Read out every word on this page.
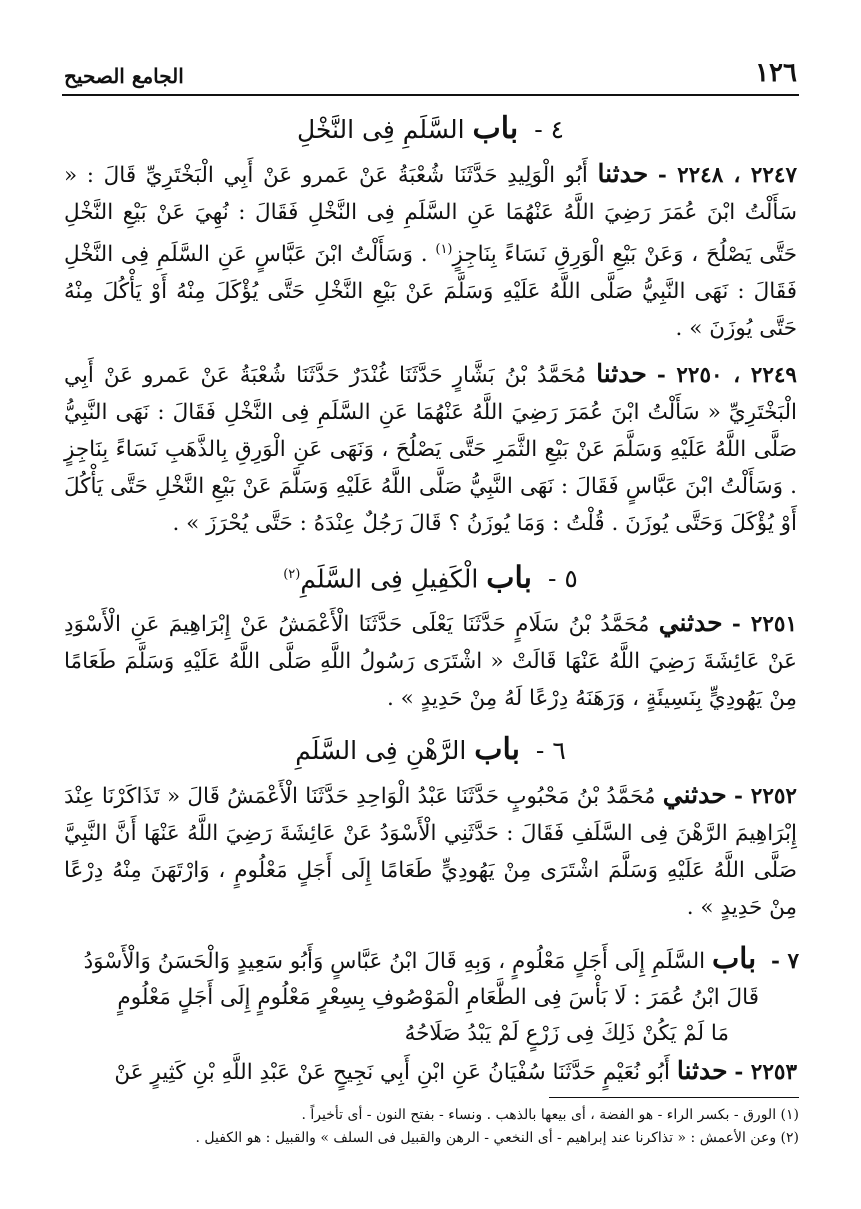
١٢٦
الجامع الصحيح
٤ - باب السَّلَمِ فِى النَّخْلِ

٢٢٤٧ ، ٢٢٤٨ - حدثنا أَبُو الْوَلِيدِ حَدَّثَنَا شُعْبَةُ عَنْ عَمرو عَنْ أَبِي الْبَخْتَرِيِّ قَالَ : « سَأَلْتُ ابْنَ عُمَرَ رَضِيَ اللَّهُ عَنْهُمَا عَنِ السَّلَمِ فِى النَّخْلِ فَقَالَ : نُهِيَ عَنْ بَيْعِ النَّخْلِ حَتَّى يَصْلُحَ ، وَعَنْ بَيْعِ الْوَرِقِ نَسَاءً بِنَاجِزٍ$^{(١)}$ . وَسَأَلْتُ ابْنَ عَبَّاسٍ عَنِ السَّلَمِ فِى النَّخْلِ فَقَالَ : نَهَى النَّبِيُّ صَلَّى اللَّهُ عَلَيْهِ وَسَلَّمَ عَنْ بَيْعِ النَّخْلِ حَتَّى يُؤْكَلَ مِنْهُ أَوْ يَأْكُلَ مِنْهُ حَتَّى يُوزَنَ » .

٢٢٤٩ ، ٢٢٥٠ - حدثنا مُحَمَّدُ بْنُ بَشَّارٍ حَدَّثَنَا غُنْدَرٌ حَدَّثَنَا شُعْبَةُ عَنْ عَمرو عَنْ أَبِي الْبَخْتَرِيِّ « سَأَلْتُ ابْنَ عُمَرَ رَضِيَ اللَّهُ عَنْهُمَا عَنِ السَّلَمِ فِى النَّخْلِ فَقَالَ : نَهَى النَّبِيُّ صَلَّى اللَّهُ عَلَيْهِ وَسَلَّمَ عَنْ بَيْعِ الثَّمَرِ حَتَّى يَصْلُحَ ، وَنَهَى عَنِ الْوَرِقِ بِالذَّهَبِ نَسَاءً بِنَاجِزٍ . وَسَأَلْتُ ابْنَ عَبَّاسٍ فَقَالَ : نَهَى النَّبِيُّ صَلَّى اللَّهُ عَلَيْهِ وَسَلَّمَ عَنْ بَيْعِ النَّخْلِ حَتَّى يَأْكُلَ أَوْ يُؤْكَلَ وَحَتَّى يُوزَنَ . قُلْتُ : وَمَا يُوزَنُ ؟ قَالَ رَجُلٌ عِنْدَهُ : حَتَّى يُحْرَزَ » .

٥ - باب الْكَفِيلِ فِى السَّلَمِ$^{(٢)}$

٢٢٥١ - حدثني مُحَمَّدُ بْنُ سَلَامٍ حَدَّثَنَا يَعْلَى حَدَّثَنَا الْأَعْمَشُ عَنْ إِبْرَاهِيمَ عَنِ الْأَسْوَدِ عَنْ عَائِشَةَ رَضِيَ اللَّهُ عَنْهَا قَالَتْ « اشْتَرَى رَسُولُ اللَّهِ صَلَّى اللَّهُ عَلَيْهِ وَسَلَّمَ طَعَامًا مِنْ يَهُودِيٍّ بِنَسِيئَةٍ ، وَرَهَنَهُ دِرْعًا لَهُ مِنْ حَدِيدٍ » .

٦ - باب الرَّهْنِ فِى السَّلَمِ

٢٢٥٢ - حدثني مُحَمَّدُ بْنُ مَحْبُوبٍ حَدَّثَنَا عَبْدُ الْوَاحِدِ حَدَّثَنَا الْأَعْمَشُ قَالَ « تَذَاكَرْنَا عِنْدَ إِبْرَاهِيمَ الرَّهْنَ فِى السَّلَفِ فَقَالَ : حَدَّثَنِي الْأَسْوَدُ عَنْ عَائِشَةَ رَضِيَ اللَّهُ عَنْهَا أَنَّ النَّبِيَّ صَلَّى اللَّهُ عَلَيْهِ وَسَلَّمَ اشْتَرَى مِنْ يَهُودِيٍّ طَعَامًا إِلَى أَجَلٍ مَعْلُومٍ ، وَارْتَهَنَ مِنْهُ دِرْعًا مِنْ حَدِيدٍ » .

٧ - باب السَّلَمِ إِلَى أَجَلٍ مَعْلُومٍ ، وَبِهِ قَالَ ابْنُ عَبَّاسٍ وَأَبُو سَعِيدٍ وَالْحَسَنُ وَالْأَسْوَدُ

قَالَ ابْنُ عُمَرَ : لَا بَأْسَ فِى الطَّعَامِ الْمَوْصُوفِ بِسِعْرٍ مَعْلُومٍ إِلَى أَجَلٍ مَعْلُومٍ

مَا لَمْ يَكُنْ ذَلِكَ فِى زَرْعٍ لَمْ يَبْدُ صَلَاحُهُ

٢٢٥٣ - حدثنا أَبُو نُعَيْمٍ حَدَّثَنَا سُفْيَانُ عَنِ ابْنِ أَبِي نَجِيحٍ عَنْ عَبْدِ اللَّهِ بْنِ كَثِيرٍ عَنْ

(١) الورق - بكسر الراء - هو الفضة ، أى بيعها بالذهب . ونساء - بفتح النون - أى تأخيراً .

(٢) وعن الأعمش : « تذاكرنا عند إبراهيم - أى النخعي - الرهن والقبيل فى السلف » والقبيل : هو الكفيل .
